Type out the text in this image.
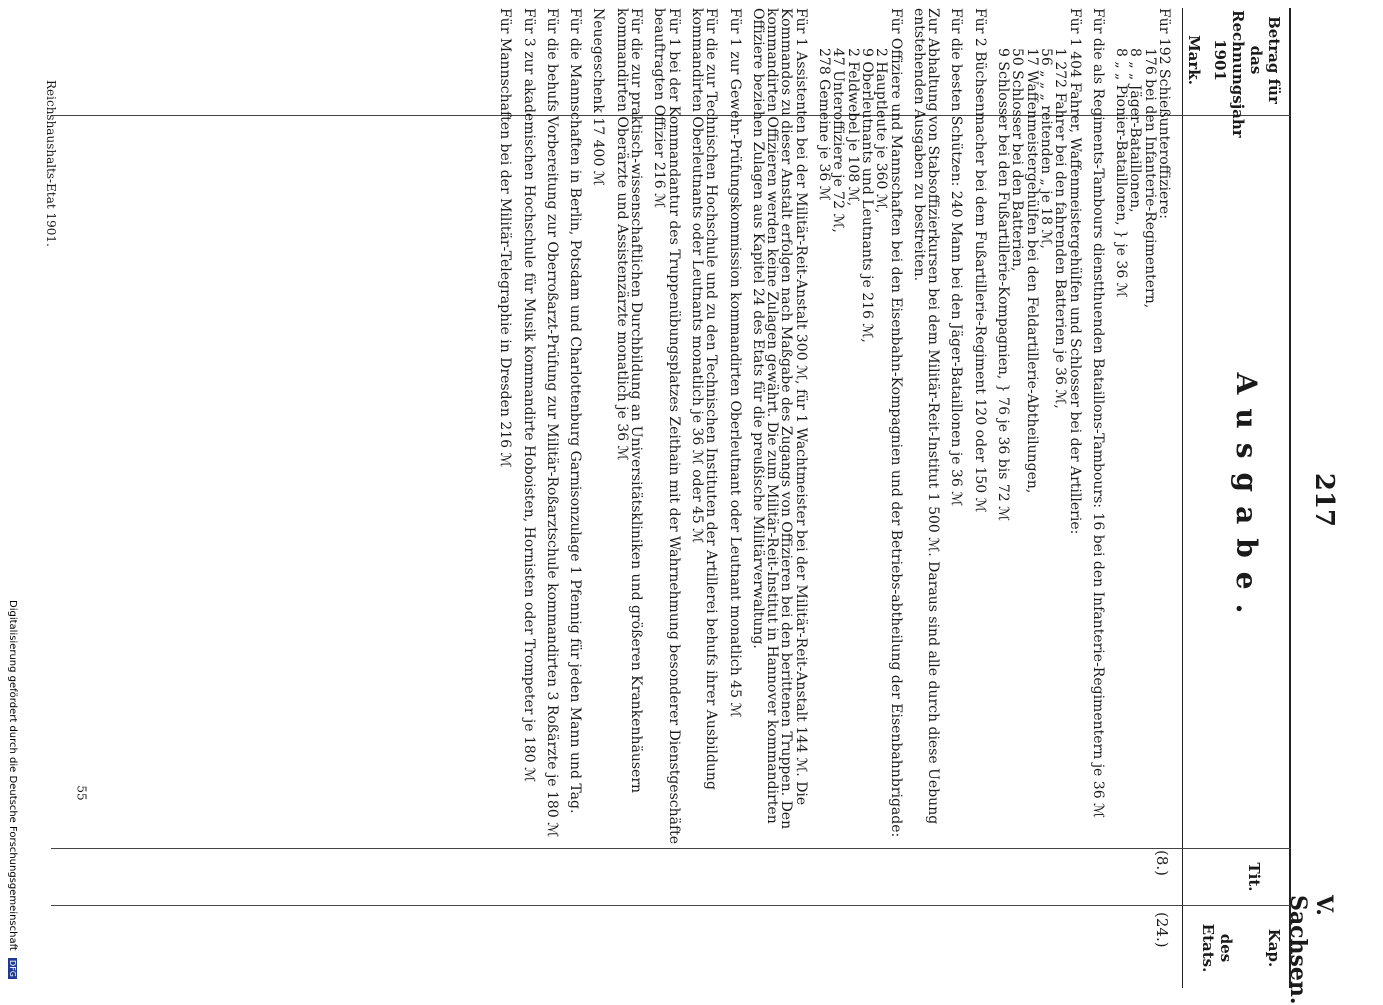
V. Sachsen.
217
Ausgabe.
Betrag für das Rechnungsjahr 1901
Mark.
Tit.
Kap.
des Etats.
(8.)
(24.)
Für 192 Schießunteroffiziere:
176 bei den Infanterie-Regimentern,
8 „ „ Jäger-Bataillonen,
8 „ „ Pionier-Bataillonen, } je 36 ℳ
Für die als Regiments-Tambours dienstthuenden Bataillons-Tambours: 16 bei den Infanterie-Regimentern je 36 ℳ
Für 1 404 Fahrer, Waffenmeistergehülfen und Schlosser bei der Artillerie:
1 272 Fahrer bei den fahrenden Batterien je 36 ℳ,
56 „ „ „ reitenden „ je 18 ℳ,
17 Waffenmeistergehülfen bei den Feldartillerie-Abtheilungen,
50 Schlosser bei den Batterien,
9 Schlosser bei den Fußartillerie-Kompagnien, } 76 je 36 bis 72 ℳ
Für 2 Büchsenmacher bei dem Fußartillerie-Regiment 120 oder 150 ℳ
Für die besten Schützen: 240 Mann bei den Jäger-Bataillonen je 36 ℳ
Zur Abhaltung von Stabsoffizierkursen bei dem Militär-Reit-Institut 1 500 ℳ. Daraus sind alle durch diese Uebung entstehenden Ausgaben zu bestreiten.
Für Offiziere und Mannschaften bei den Eisenbahn-Kompagnien und der Betriebs-abtheilung der Eisenbahnbrigade:
2 Hauptleute je 360 ℳ,
9 Oberleutnants und Leutnants je 216 ℳ,
2 Feldwebel je 108 ℳ,
47 Unteroffiziere je 72 ℳ,
278 Gemeine je 36 ℳ
Für 1 Assistenten bei der Militär-Reit-Anstalt 300 ℳ, für 1 Wachtmeister bei der Militär-Reit-Anstalt 144 ℳ. Die Kommandos zu dieser Anstalt erfolgen nach Maßgabe des Zugangs von Offizieren bei den berittenen Truppen. Den kommandirten Offizieren werden keine Zulagen gewährt. Die zum Militär-Reit-Institut in Hannover kommandirten Offiziere beziehen Zulagen aus Kapitel 24 des Etats für die preußische Militärverwaltung.
Für 1 zur Gewehr-Prüfungskommission kommandirten Oberleutnant oder Leutnant monatlich 45 ℳ
Für die zur Technischen Hochschule und zu den Technischen Instituten der Artillerei behufs ihrer Ausbildung kommandirten Oberleutnants oder Leutnants monatlich je 36 ℳ oder 45 ℳ
Für 1 bei der Kommandantur des Truppenübungsplatzes Zeithain mit der Wahrnehmung besonderer Dienstgeschäfte beauftragten Offizier 216 ℳ
Für die zur praktisch-wissenschaftlichen Durchbildung an Universitätskliniken und größeren Krankenhäusern kommandirten Oberärzte und Assistenzärzte monatlich je 36 ℳ
Neuegeschenk 17 400 ℳ
Für die Mannschaften in Berlin, Potsdam und Charlottenburg Garnisonzulage 1 Pfennig für jeden Mann und Tag.
Für die behufs Vorbereitung zur Oberroßarzt-Prüfung zur Militär-Roßarztschule kommandirten 3 Roßärzte je 180 ℳ
Für 3 zur akademischen Hochschule für Musik kommandirte Hoboisten, Hornisten oder Trompeter je 180 ℳ
Für Mannschaften bei der Militär-Telegraphie in Dresden 216 ℳ
Reichshaushalts-Etat 1901.
55
Digitalisierung gefördert durch die Deutsche Forschungsgemeinschaft DFG
